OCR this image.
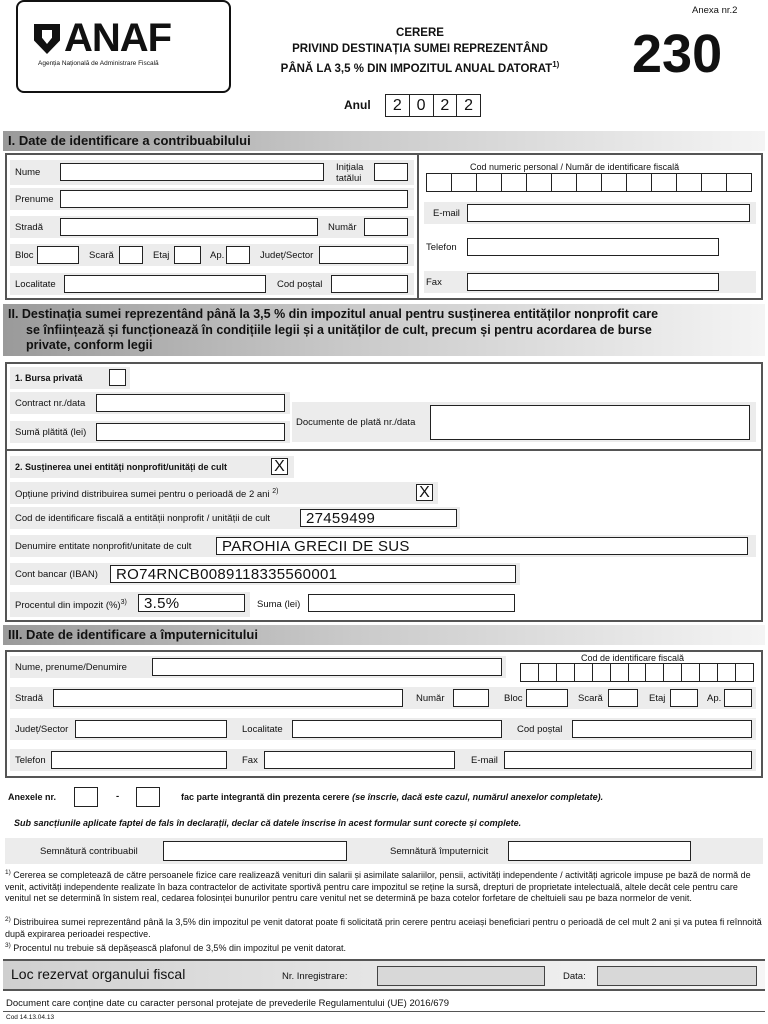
ANAF
Agenția Națională de Administrare Fiscală
CERERE
PRIVIND DESTINAȚIA SUMEI REPREZENTÂND
PÂNĂ LA 3,5 % DIN IMPOZITUL ANUAL DATORAT$^{1)}$
Anexa nr.2
230
Anul	2 0 2 2
I. Date de identificare a contribuabilului
Nume	Inițiala
tatălui
Prenume
Stradă	Număr
Bloc	Scară	Etaj	Ap.	Județ/Sector
Localitate	Cod poștal
Cod numeric personal / Număr de identificare fiscală
E-mail
Telefon
Fax
II. Destinația sumei reprezentând până la 3,5 % din impozitul anual pentru susținerea entităților nonprofit care
se înființează și funcționează în condițiile legii și a unităților de cult, precum și pentru acordarea de burse
private, conform legii
1. Bursa privată
Contract nr./data
Sumă plătită (lei)
Documente de plată nr./data
2. Susținerea unei entități nonprofit/unități de cult	X
Opțiune privind distribuirea sumei pentru o perioadă de 2 ani $^{2)}$	X
Cod de identificare fiscală a entității nonprofit / unității de cult	27459499
Denumire entitate nonprofit/unitate de cult	PAROHIA GRECII DE SUS
Cont bancar (IBAN)	RO74RNCB0089118335560001
Procentul din impozit (%)$^{3)}$	3.5%	Suma (lei)
III. Date de identificare a împuternicitului
Nume, prenume/Denumire
Cod de identificare fiscală
Stradă	Număr	Bloc	Scară	Etaj	Ap.
Județ/Sector	Localitate	Cod poștal
Telefon	Fax	E-mail
Anexele nr.	-	fac parte integrantă din prezenta cerere (se înscrie, dacă este cazul, numărul anexelor completate).
Sub sancțiunile aplicate faptei de fals în declarații, declar că datele înscrise în acest formular sunt corecte și complete.
Semnătură contribuabil	Semnătură împuternicit
$^{1)}$ Cererea se completează de către persoanele fizice care realizează venituri din salarii și asimilate salariilor, pensii, activități independente / activități agricole impuse pe bază de normă de venit, activități independente realizate în baza contractelor de activitate sportivă pentru care impozitul se reține la sursă, drepturi de proprietate intelectuală, altele decât cele pentru care venitul net se determină în sistem real, cedarea folosinței bunurilor pentru care venitul net se determină pe baza cotelor forfetare de cheltuieli sau pe baza normelor de venit.
$^{2)}$ Distribuirea sumei reprezentând până la 3,5% din impozitul pe venit datorat poate fi solicitată prin cerere pentru aceiași beneficiari pentru o perioadă de cel mult 2 ani și va putea fi reînnoită după expirarea perioadei respective.
$^{3)}$ Procentul nu trebuie să depășească plafonul de 3,5% din impozitul pe venit datorat.
Loc rezervat organului fiscal	Nr. Inregistrare:	Data:
Document care conține date cu caracter personal protejate de prevederile Regulamentului (UE) 2016/679
Cod 14.13.04.13
